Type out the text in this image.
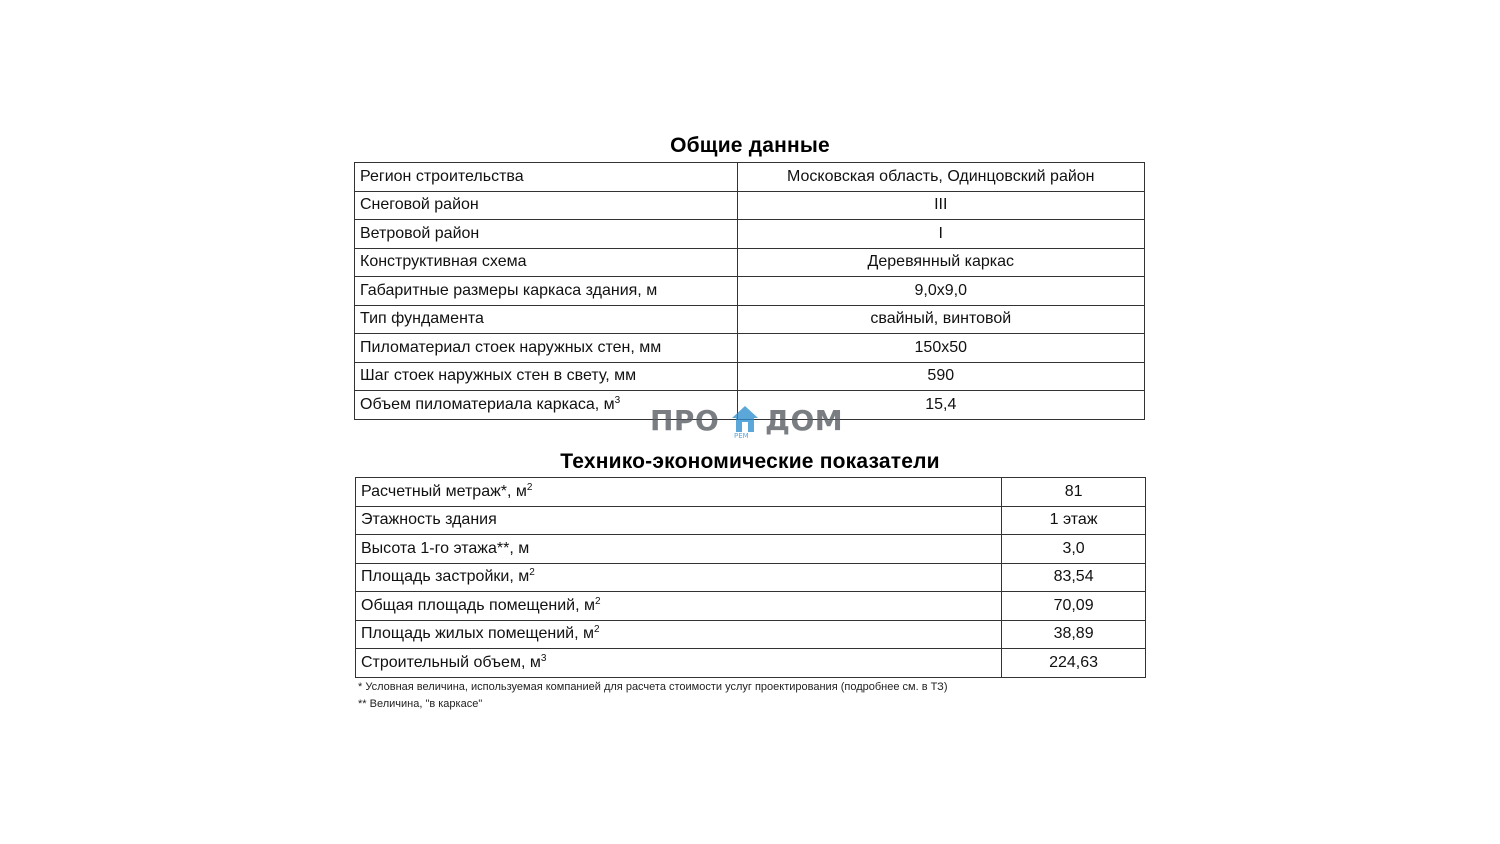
Общие данные
Регион строительства	Московская область, Одинцовский район
Снеговой район	III
Ветровой район	I
Конструктивная схема	Деревянный каркас
Габаритные размеры каркаса здания, м	9,0x9,0
Тип фундамента	свайный, винтовой
Пиломатериал стоек наружных стен, мм	150x50
Шаг стоек наружных стен в свету, мм	590
Объем пиломатериала каркаса, $м^3$	15,4
ПРО РЕМ ДОМ
Технико-экономические показатели
Расчетный метраж*, $м^2$	81
Этажность здания	1 этаж
Высота 1-го этажа**, м	3,0
Площадь застройки, $м^2$	83,54
Общая площадь помещений, $м^2$	70,09
Площадь жилых помещений, $м^2$	38,89
Строительный объем, $м^3$	224,63
* Условная величина, используемая компанией для расчета стоимости услуг проектирования (подробнее см. в ТЗ)
** Величина, "в каркасе"
